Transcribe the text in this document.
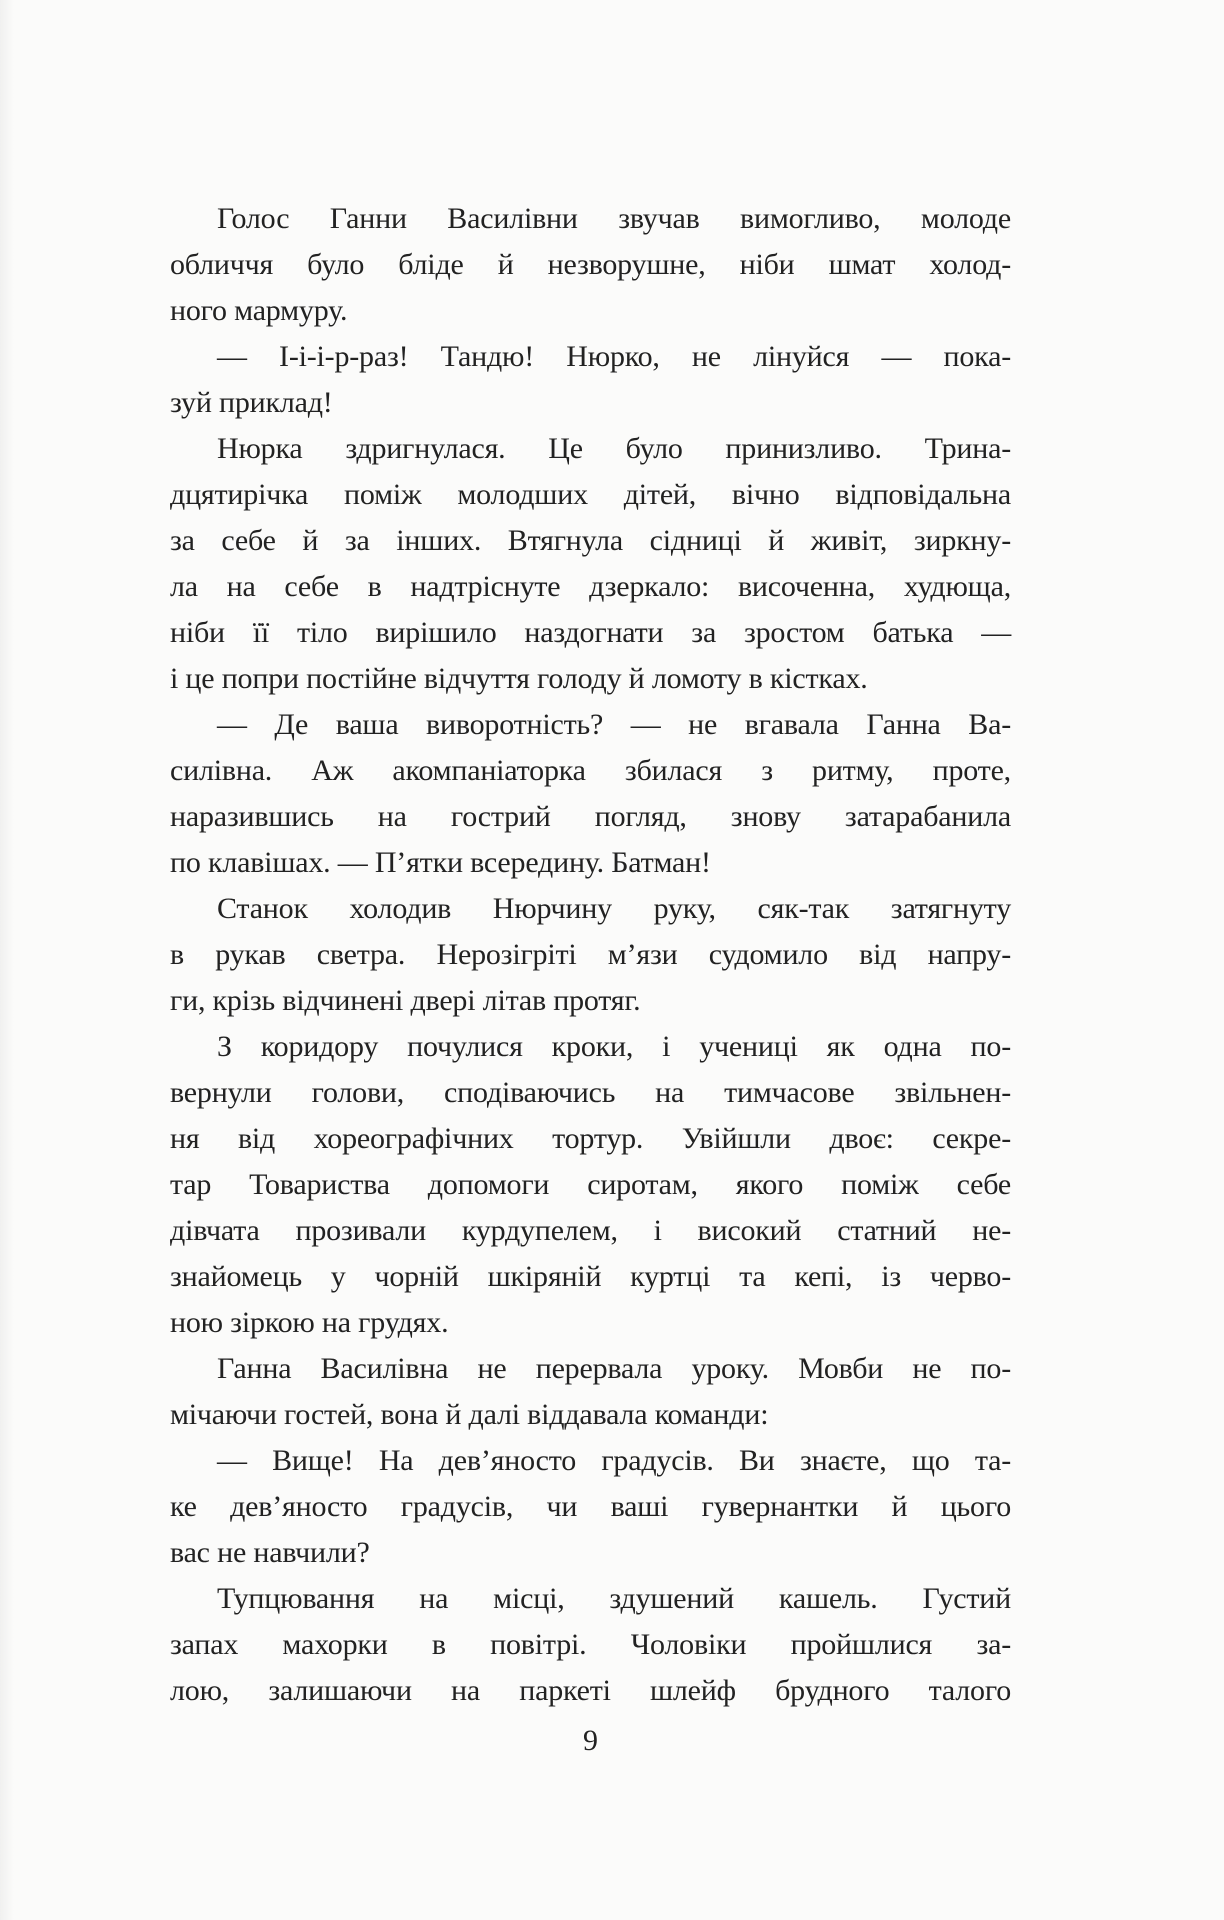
Голос Ганни Василівни звучав вимогливо, молоде
обличчя було бліде й незворушне, ніби шмат холод-
ного мармуру.
— І-і-і-р-раз! Тандю! Нюрко, не лінуйся — пока-
зуй приклад!
Нюрка здригнулася. Це було принизливо. Трина-
дцятирічка поміж молодших дітей, вічно відповідальна
за себе й за інших. Втягнула сідниці й живіт, зиркну-
ла на себе в надтріснуте дзеркало: височенна, худюща,
ніби її тіло вирішило наздогнати за зростом батька —
і це попри постійне відчуття голоду й ломоту в кістках.
— Де ваша виворотність? — не вгавала Ганна Ва-
силівна. Аж акомпаніаторка збилася з ритму, проте,
наразившись на гострий погляд, знову затарабанила
по клавішах. — П’ятки всередину. Батман!
Станок холодив Нюрчину руку, сяк-так затягнуту
в рукав светра. Нерозігріті м’язи судомило від напру-
ги, крізь відчинені двері літав протяг.
З коридору почулися кроки, і учениці як одна по-
вернули голови, сподіваючись на тимчасове звільнен-
ня від хореографічних тортур. Увійшли двоє: секре-
тар Товариства допомоги сиротам, якого поміж себе
дівчата прозивали курдупелем, і високий статний не-
знайомець у чорній шкіряній куртці та кепі, із черво-
ною зіркою на грудях.
Ганна Василівна не перервала уроку. Мовби не по-
мічаючи гостей, вона й далі віддавала команди:
— Вище! На дев’яносто градусів. Ви знаєте, що та-
ке дев’яносто градусів, чи ваші гувернантки й цього
вас не навчили?
Тупцювання на місці, здушений кашель. Густий
запах махорки в повітрі. Чоловіки пройшлися за-
лою, залишаючи на паркеті шлейф брудного талого
9
